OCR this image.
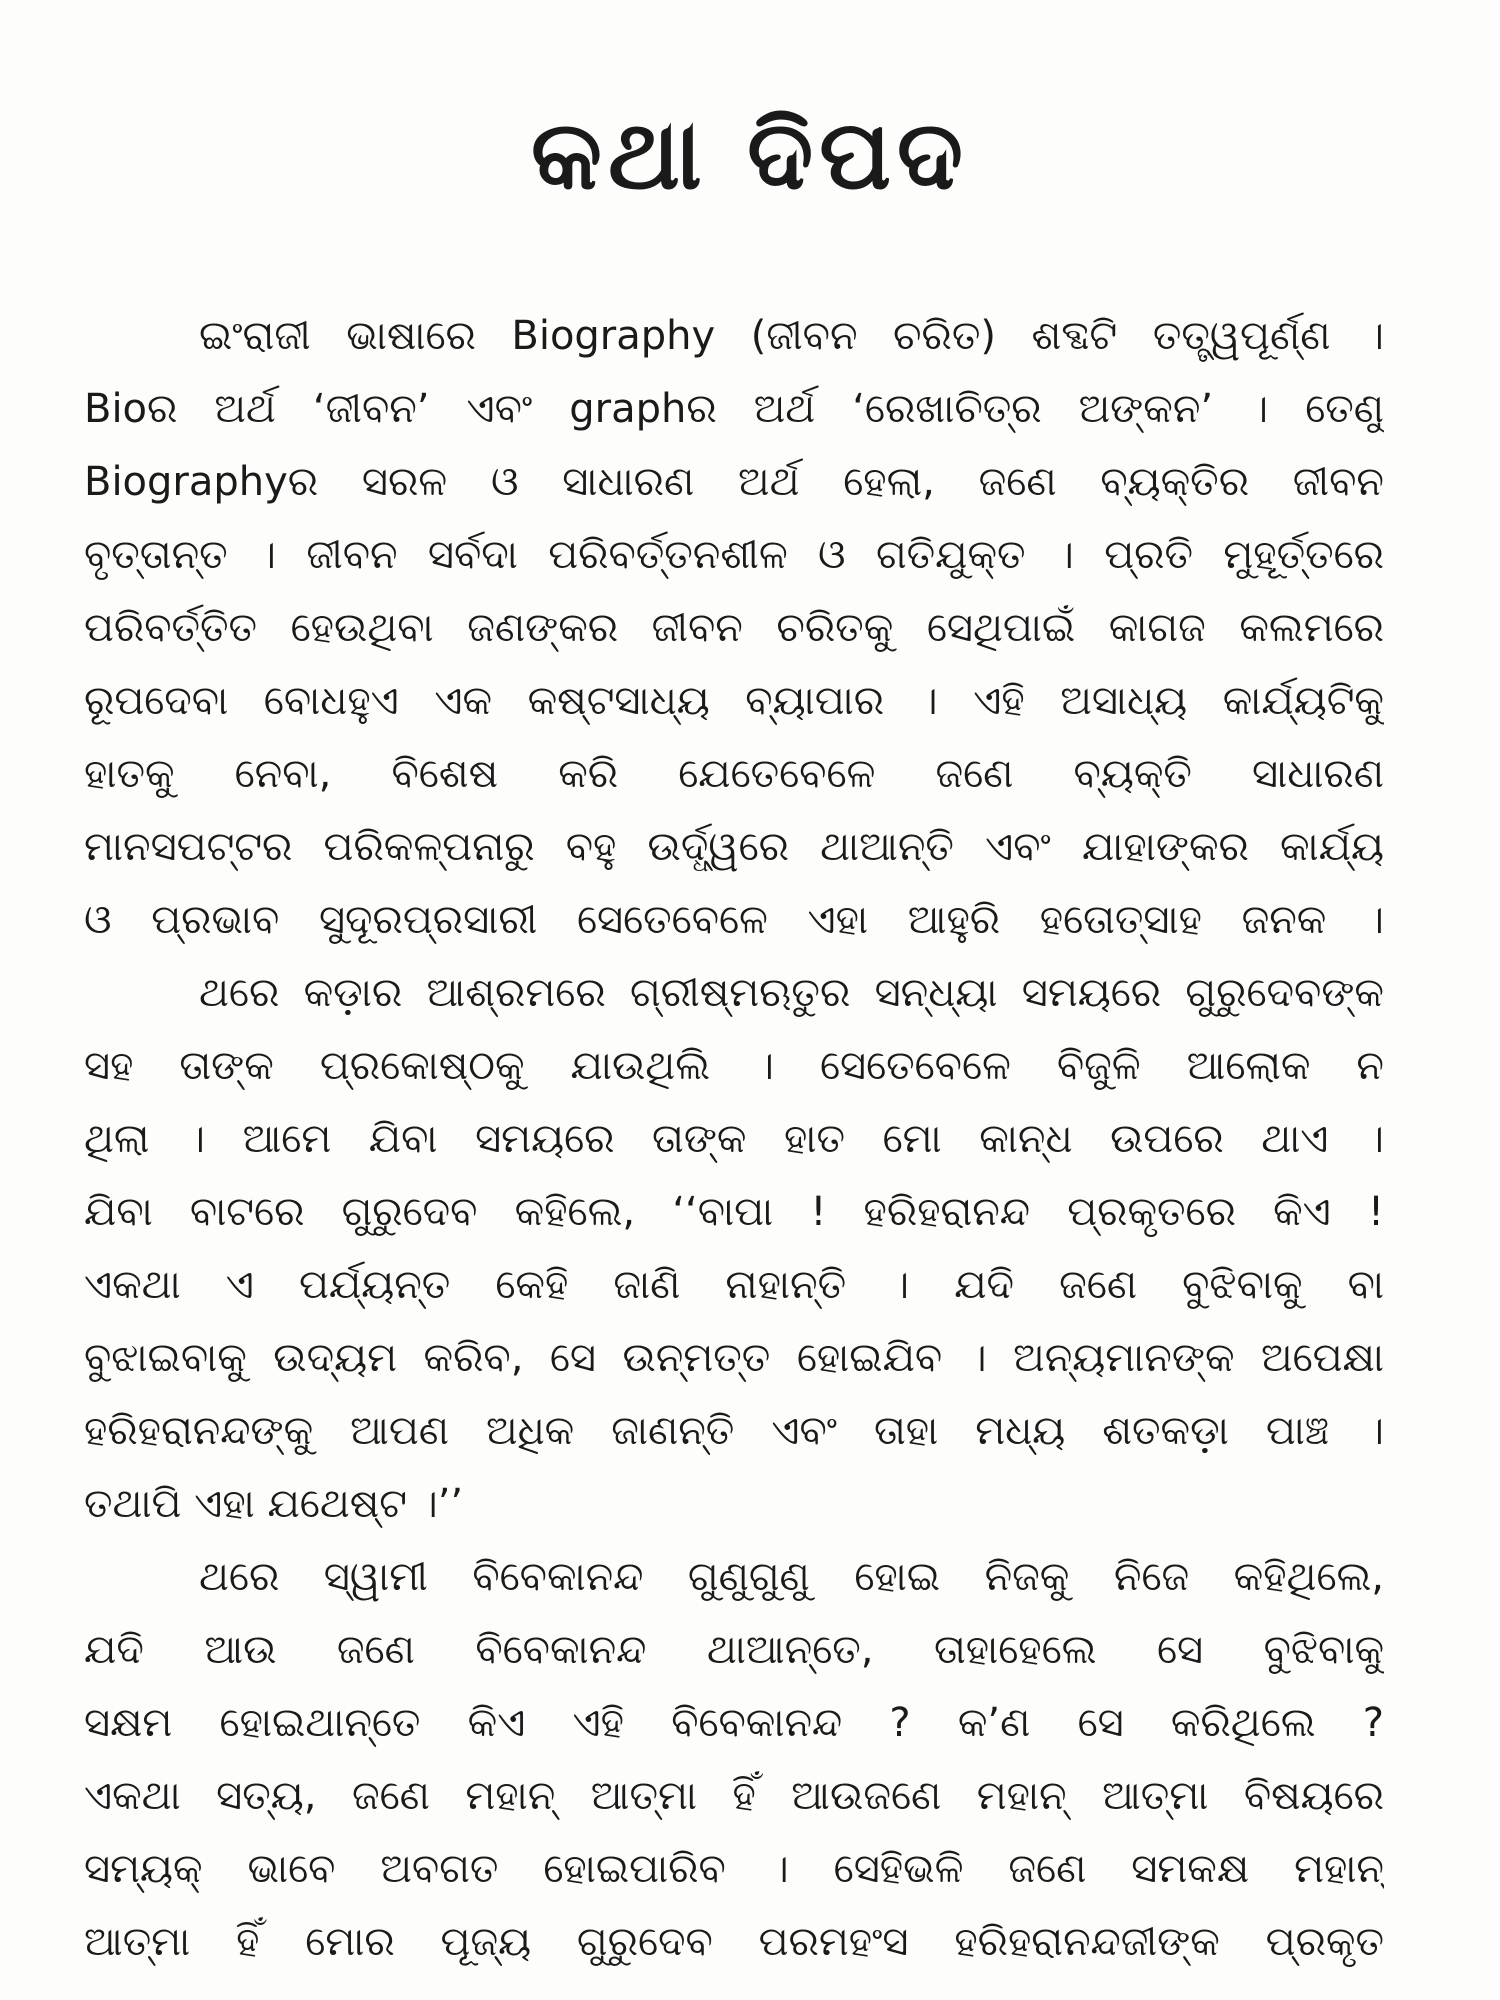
କଥା ଦିପଦ
ଇଂରାଜୀ ଭାଷାରେ Biography (ଜୀବନ ଚରିତ) ଶବ୍ଦଟି ତତ୍ତ୍ୱପୂର୍ଣ୍ଣ ।
Bioର ଅର୍ଥ ‘ଜୀବନ’ ଏବଂ graphର ଅର୍ଥ ‘ରେଖାଚିତ୍ର ଅଙ୍କନ’ । ତେଣୁ
Biographyର ସରଳ ଓ ସାଧାରଣ ଅର୍ଥ ହେଲା, ଜଣେ ବ୍ୟକ୍ତିର ଜୀବନ
ବୃତ୍ତାନ୍ତ । ଜୀବନ ସର୍ବଦା ପରିବର୍ତ୍ତନଶୀଳ ଓ ଗତିଯୁକ୍ତ । ପ୍ରତି ମୁହୂର୍ତ୍ତରେ
ପରିବର୍ତ୍ତିତ ହେଉଥିବା ଜଣଙ୍କର ଜୀବନ ଚରିତକୁ ସେଥିପାଇଁ କାଗଜ କଲମରେ
ରୂପଦେବା ବୋଧହୁଏ ଏକ କଷ୍ଟସାଧ୍ୟ ବ୍ୟାପାର । ଏହି ଅସାଧ୍ୟ କାର୍ଯ୍ୟଟିକୁ
ହାତକୁ ନେବା, ବିଶେଷ କରି ଯେତେବେଳେ ଜଣେ ବ୍ୟକ୍ତି ସାଧାରଣ
ମାନସପଟ୍ଟର ପରିକଳ୍ପନାରୁ ବହୁ ଉର୍ଦ୍ଧ୍ୱରେ ଥାଆନ୍ତି ଏବଂ ଯାହାଙ୍କର କାର୍ଯ୍ୟ
ଓ ପ୍ରଭାବ ସୁଦୂରପ୍ରସାରୀ ସେତେବେଳେ ଏହା ଆହୁରି ହତୋତ୍ସାହ ଜନକ ।
ଥରେ କଡ଼ାର ଆଶ୍ରମରେ ଗ୍ରୀଷ୍ମଋତୁର ସନ୍ଧ୍ୟା ସମୟରେ ଗୁରୁଦେବଙ୍କ
ସହ ତାଙ୍କ ପ୍ରକୋଷ୍ଠକୁ ଯାଉଥିଲି । ସେତେବେଳେ ବିଜୁଳି ଆଲୋକ ନ
ଥିଲା । ଆମେ ଯିବା ସମୟରେ ତାଙ୍କ ହାତ ମୋ କାନ୍ଧ ଉପରେ ଥାଏ ।
ଯିବା ବାଟରେ ଗୁରୁଦେବ କହିଲେ, ‘‘ବାପା ! ହରିହରାନନ୍ଦ ପ୍ରକୃତରେ କିଏ !
ଏକଥା ଏ ପର୍ଯ୍ୟନ୍ତ କେହି ଜାଣି ନାହାନ୍ତି । ଯଦି ଜଣେ ବୁଝିବାକୁ ବା
ବୁଝାଇବାକୁ ଉଦ୍ୟମ କରିବ, ସେ ଉନ୍ମତ୍ତ ହୋଇଯିବ । ଅନ୍ୟମାନଙ୍କ ଅପେକ୍ଷା
ହରିହରାନନ୍ଦଙ୍କୁ ଆପଣ ଅଧିକ ଜାଣନ୍ତି ଏବଂ ତାହା ମଧ୍ୟ ଶତକଡ଼ା ପାଞ୍ଚ ।
ତଥାପି ଏହା ଯଥେଷ୍ଟ ।’’
ଥରେ ସ୍ୱାମୀ ବିବେକାନନ୍ଦ ଗୁଣୁଗୁଣୁ ହୋଇ ନିଜକୁ ନିଜେ କହିଥିଲେ,
ଯଦି ଆଉ ଜଣେ ବିବେକାନନ୍ଦ ଥାଆନ୍ତେ, ତାହାହେଲେ ସେ ବୁଝିବାକୁ
ସକ୍ଷମ ହୋଇଥାନ୍ତେ କିଏ ଏହି ବିବେକାନନ୍ଦ ? କ’ଣ ସେ କରିଥିଲେ ?
ଏକଥା ସତ୍ୟ, ଜଣେ ମହାନ୍ ଆତ୍ମା ହିଁ ଆଉଜଣେ ମହାନ୍ ଆତ୍ମା ବିଷୟରେ
ସମ୍ୟକ୍ ଭାବେ ଅବଗତ ହୋଇପାରିବ । ସେହିଭଳି ଜଣେ ସମକକ୍ଷ ମହାନ୍
ଆତ୍ମା ହିଁ ମୋର ପୂଜ୍ୟ ଗୁରୁଦେବ ପରମହଂସ ହରିହରାନନ୍ଦଜୀଙ୍କ ପ୍ରକୃତ
